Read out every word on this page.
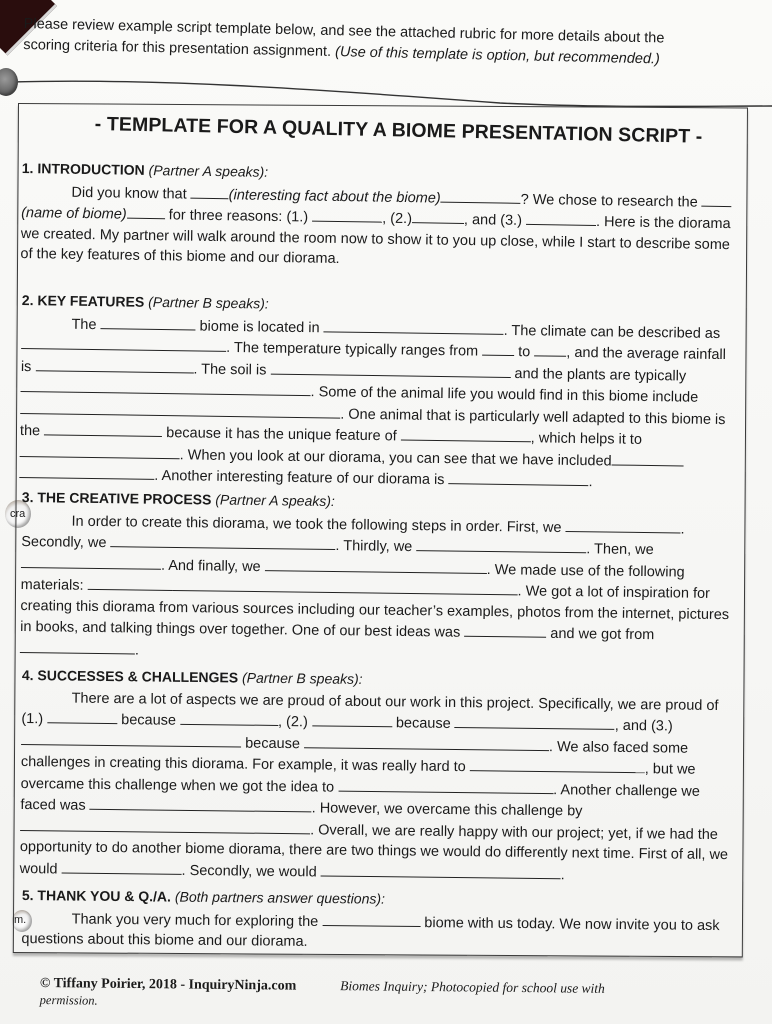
Please review example script template below, and see the attached rubric for more details about the scoring criteria for this presentation assignment. (Use of this template is option, but recommended.)
cra
m.
- TEMPLATE FOR A QUALITY A BIOME PRESENTATION SCRIPT -
1. INTRODUCTION (Partner A speaks):

Did you know that	(interesting fact about the biome)	? We chose to research the (name of biome)	for three reasons: (1.)	, (2.)	, and (3.)	. Here is the diorama we created. My partner will walk around the room now to show it to you up close, while I start to describe some of the key features of this biome and our diorama.

2. KEY FEATURES (Partner B speaks):

The	biome is located in	. The climate can be described as . The temperature typically ranges from  to , and the average rainfall is	. The soil is	and the plants are typically . Some of the animal life you would find in this biome include . One animal that is particularly well adapted to this biome is the	because it has the unique feature of	, which helps it to . When you look at our diorama, you can see that we have included. Another interesting feature of our diorama is	.

3. THE CREATIVE PROCESS (Partner A speaks):

In order to create this diorama, we took the following steps in order. First, we	. Secondly, we	. Thirdly, we	. Then, we . And finally, we	. We made use of the following materials:	. We got a lot of inspiration for creating this diorama from various sources including our teacher’s examples, photos from the internet, pictures in books, and talking things over together. One of our best ideas was	and we got from .

4. SUCCESSES & CHALLENGES (Partner B speaks):

There are a lot of aspects we are proud of about our work in this project. Specifically, we are proud of (1.)	because	, (2.)	because	, and (3.)  because	. We also faced some challenges in creating this diorama. For example, it was really hard to	, but we overcame this challenge when we got the idea to	. Another challenge we faced was	. However, we overcame this challenge by . Overall, we are really happy with our project; yet, if we had the opportunity to do another biome diorama, there are two things we would do differently next time. First of all, we would	. Secondly, we would	.

5. THANK YOU & Q./A. (Both partners answer questions):

Thank you very much for exploring the	biome with us today. We now invite you to ask questions about this biome and our diorama.

© Tiffany Poirier, 2018 - InquiryNinja.com	Biomes Inquiry; Photocopied for school use with
permission.
